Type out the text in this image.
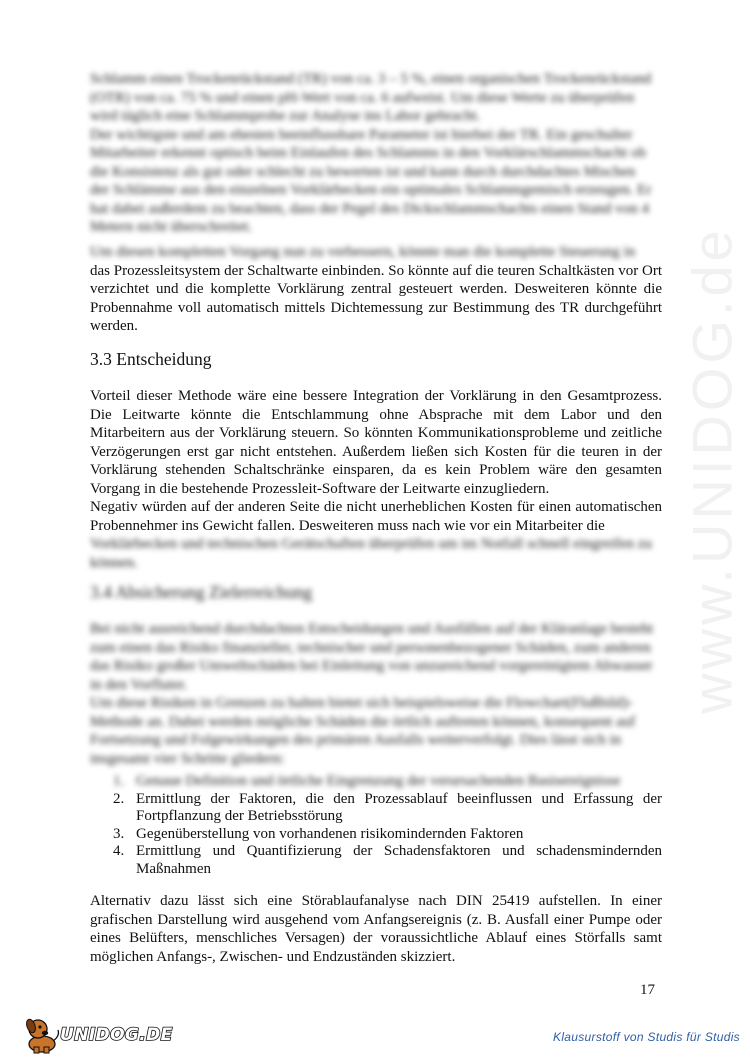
www.UNIDOG.de
Schlamm einen Trockenrückstand (TR) von ca. 3 – 5 %, einen organischen Trockenrückstand
(OTR) von ca. 75 % und einen pH-Wert von ca. 6 aufweist. Um diese Werte zu überprüfen
wird täglich eine Schlammprobe zur Analyse ins Labor gebracht.
Der wichtigste und am ehesten beeinflussbare Parameter ist hierbei der TR. Ein geschulter
Mitarbeiter erkennt optisch beim Einlaufen des Schlamms in den Vorklärschlammschacht ob
die Konsistenz als gut oder schlecht zu bewerten ist und kann durch durchdachtes Mischen
der Schlämme aus den einzelnen Vorklärbecken ein optimales Schlammgemisch erzeugen. Er
hat dabei außerdem zu beachten, dass der Pegel des Dickschlammschachts einen Stand von 4
Metern nicht überschreitet.
Um diesen kompletten Vorgang nun zu verbessern, könnte man die komplette Steuerung in

das Prozessleitsystem der Schaltwarte einbinden. So könnte auf die teuren Schaltkästen vor Ort verzichtet und die komplette Vorklärung zentral gesteuert werden. Desweiteren könnte die Probennahme voll automatisch mittels Dichtemessung zur Bestimmung des TR durchgeführt werden.

3.3 Entscheidung

Vorteil dieser Methode wäre eine bessere Integration der Vorklärung in den Gesamtprozess. Die Leitwarte könnte die Entschlammung ohne Absprache mit dem Labor und den Mitarbeitern aus der Vorklärung steuern. So könnten Kommunikationsprobleme und zeitliche Verzögerungen erst gar nicht entstehen. Außerdem ließen sich Kosten für die teuren in der Vorklärung stehenden Schaltschränke einsparen, da es kein Problem wäre den gesamten Vorgang in die bestehende Prozessleit-Software der Leitwarte einzugliedern.

Negativ würden auf der anderen Seite die nicht unerheblichen Kosten für einen automatischen Probennehmer ins Gewicht fallen. Desweiteren muss nach wie vor ein Mitarbeiter die

Vorklärbecken und technischen Gerätschaften überprüfen um im Notfall schnell eingreifen zu
können.
3.4 Absicherung Zielerreichung
Bei nicht ausreichend durchdachten Entscheidungen und Ausfällen auf der Kläranlage besteht
zum einen das Risiko finanzieller, technischer und personenbezogener Schäden, zum anderen
das Risiko großer Umweltschäden bei Einleitung von unzureichend vorgereinigtem Abwasser
in den Vorfluter.
Um diese Risiken in Grenzen zu halten bietet sich beispielsweise die Flowchart(Flußbild)-
Methode an. Dabei werden mögliche Schäden die örtlich auftreten können, konsequent auf
Fortsetzung und Folgewirkungen des primären Ausfalls weiterverfolgt. Dies lässt sich in
insgesamt vier Schritte gliedern:
1. Genaue Definition und örtliche Eingrenzung der verursachenden Basisereignisse
2. Ermittlung der Faktoren, die den Prozessablauf beeinflussen und Erfassung der Fortpflanzung der Betriebsstörung
3. Gegenüberstellung von vorhandenen risikomindernden Faktoren
4. Ermittlung und Quantifizierung der Schadensfaktoren und schadensmindernden Maßnahmen

Alternativ dazu lässt sich eine Störablaufanalyse nach DIN 25419 aufstellen. In einer grafischen Darstellung wird ausgehend vom Anfangsereignis (z. B. Ausfall einer Pumpe oder eines Belüfters, menschliches Versagen) der voraussichtliche Ablauf eines Störfalls samt möglichen Anfangs-, Zwischen- und Endzuständen skizziert.

17
UNIDOG.DE	Klausurstoff von Studis für Studis
